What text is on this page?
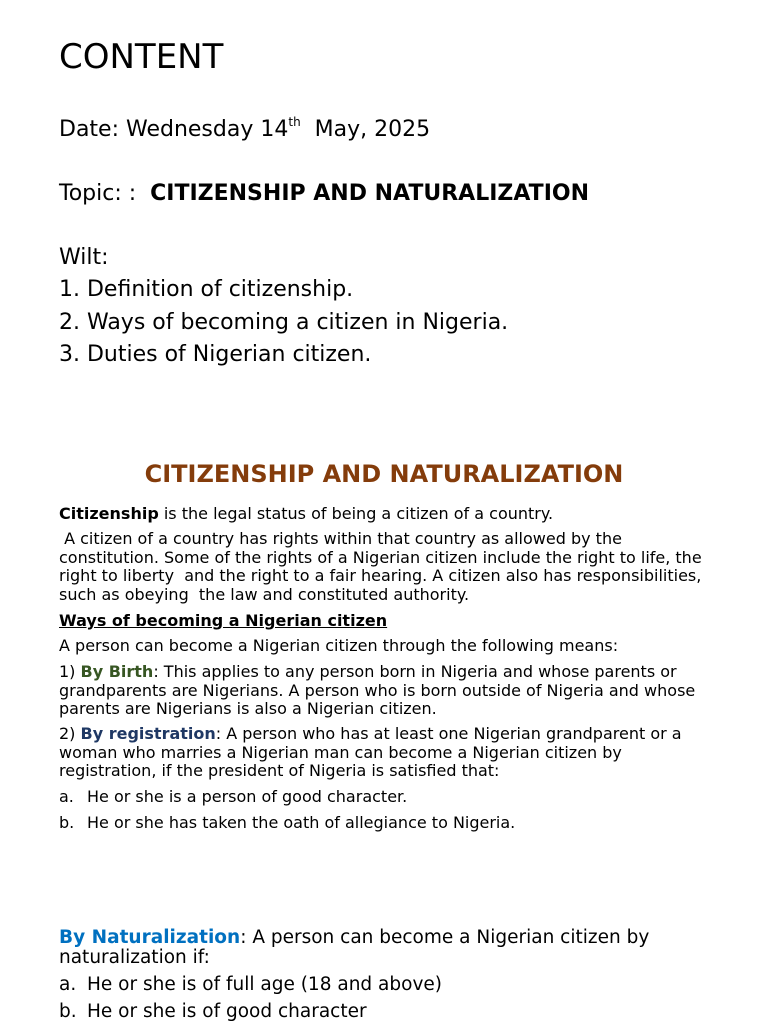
CONTENT
Date: Wednesday 14th  May, 2025
Topic: :  CITIZENSHIP AND NATURALIZATION
Wilt:
1. Definition of citizenship.
2. Ways of becoming a citizen in Nigeria.
3. Duties of Nigerian citizen.
CITIZENSHIP AND NATURALIZATION
Citizenship is the legal status of being a citizen of a country.
A citizen of a country has rights within that country as allowed by the constitution. Some of the rights of a Nigerian citizen include the right to life, the right to liberty  and the right to a fair hearing. A citizen also has responsibilities, such as obeying  the law and constituted authority.
Ways of becoming a Nigerian citizen
A person can become a Nigerian citizen through the following means:
1) By Birth: This applies to any person born in Nigeria and whose parents or grandparents are Nigerians. A person who is born outside of Nigeria and whose parents are Nigerians is also a Nigerian citizen.
2) By registration: A person who has at least one Nigerian grandparent or a woman who marries a Nigerian man can become a Nigerian citizen by registration, if the president of Nigeria is satisfied that:
a. He or she is a person of good character.
b. He or she has taken the oath of allegiance to Nigeria.
By Naturalization: A person can become a Nigerian citizen by naturalization if:
a. He or she is of full age (18 and above)
b. He or she is of good character
